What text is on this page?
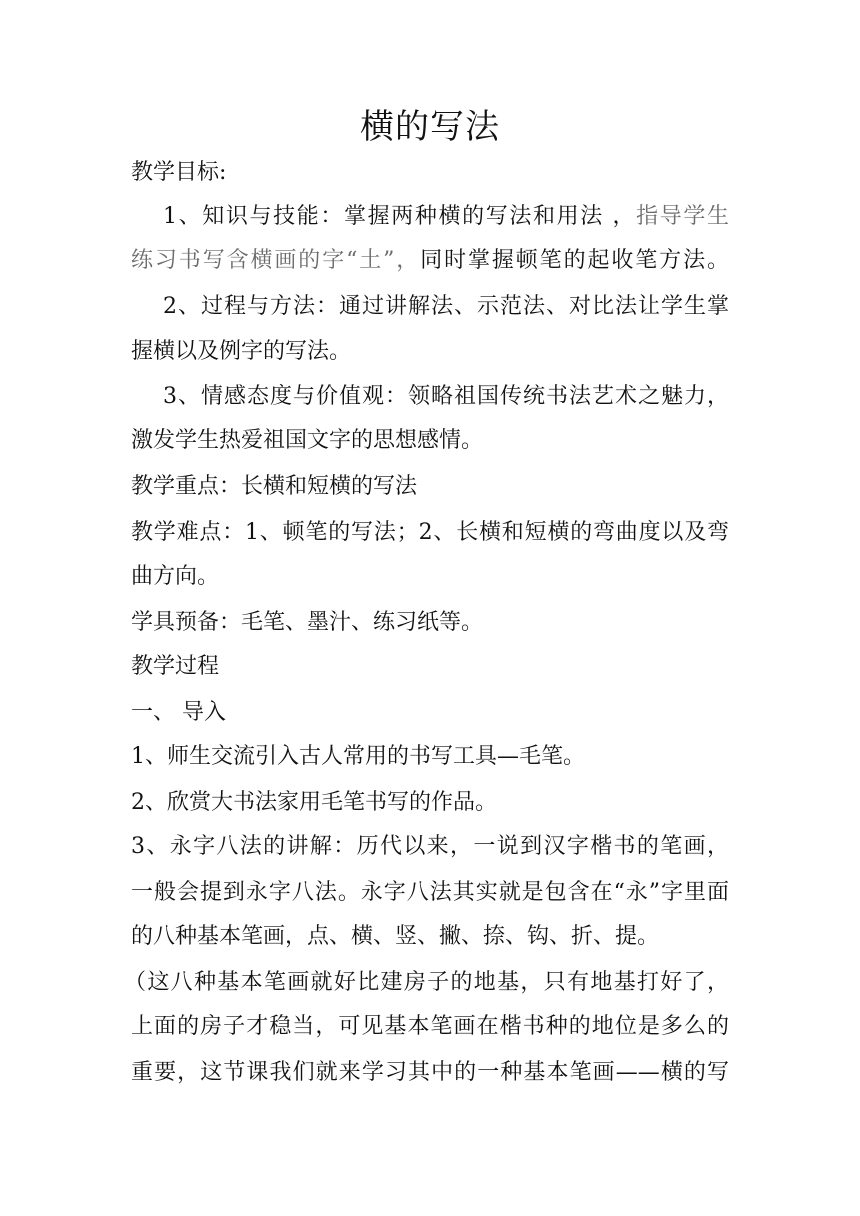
横的写法
教学目标:
1、知识与技能：掌握两种横的写法和用法 ，指导学生
练习书写含横画的字“土”，同时掌握顿笔的起收笔方法。
2、过程与方法：通过讲解法、示范法、对比法让学生掌
握横以及例字的写法。
3、情感态度与价值观：领略祖国传统书法艺术之魅力，
激发学生热爱祖国文字的思想感情。
教学重点：长横和短横的写法
教学难点：1、顿笔的写法；2、长横和短横的弯曲度以及弯
曲方向。
学具预备：毛笔、墨汁、练习纸等。
教学过程
一、 导入
1、师生交流引入古人常用的书写工具—毛笔。
2、欣赏大书法家用毛笔书写的作品。
3、永字八法的讲解：历代以来，一说到汉字楷书的笔画，
一般会提到永字八法。永字八法其实就是包含在“永”字里面
的八种基本笔画，点、横、竖、撇、捺、钩、折、提。
（这八种基本笔画就好比建房子的地基，只有地基打好了，
上面的房子才稳当，可见基本笔画在楷书种的地位是多么的
重要，这节课我们就来学习其中的一种基本笔画——横的写
